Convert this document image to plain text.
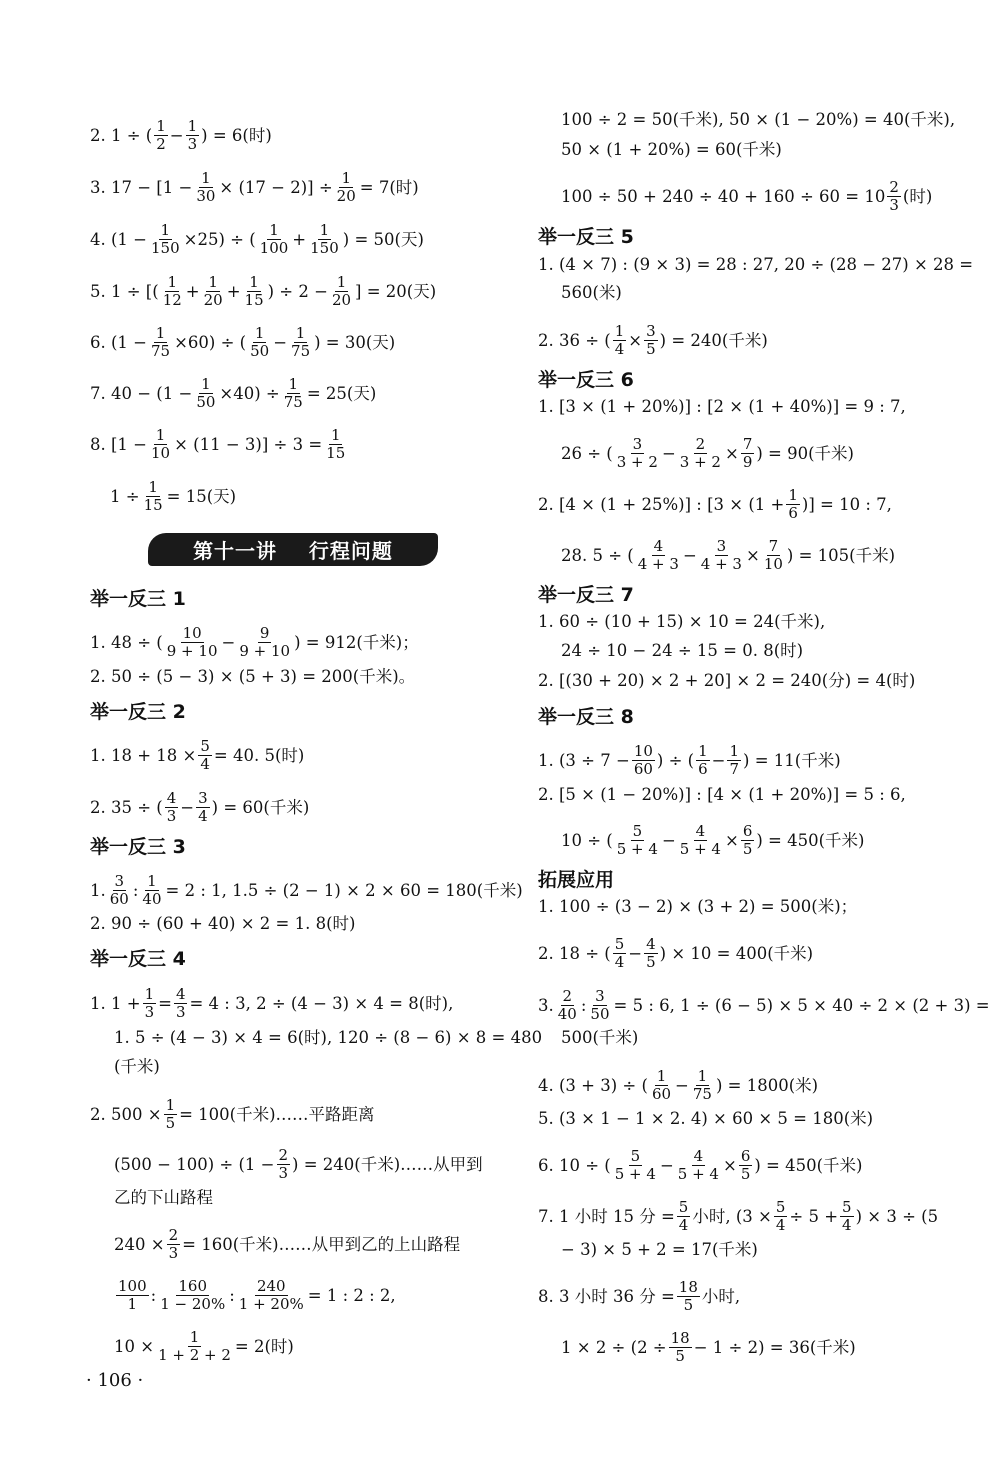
2. 1 ÷ ( $\frac{1}{2} - \frac{1}{3}$ ) = 6(时)
3. $17 - [1 - \frac{1}{30} \times (17 - 2)] \div \frac{1}{20} = 7$(时)
4. $(1 - \frac{1}{150} \times 25)$ ÷ ( $\frac{1}{100} + \frac{1}{150}$ ) = 50(天)
5. 1 ÷ [( $\frac{1}{12} + \frac{1}{20} + \frac{1}{15}$ ) ÷ $2 - \frac{1}{20}$ ] = 20(天)
6. $(1 - \frac{1}{75} \times 60)$ ÷ ( $\frac{1}{50} - \frac{1}{75}$ ) = 30(天)
7. $40 - (1 - \frac{1}{50} \times 40) \div \frac{1}{75} = 25$(天)
8. $[1 - \frac{1}{10} \times (11 - 3)] \div 3 = \frac{1}{15}$
$1 \div \frac{1}{15} = 15$(天)
第十一讲    行程问题
举一反三 1
1. 48 ÷ ( $\frac{10}{9 + 10} - \frac{9}{9 + 10}$ ) = 912(千米)；
2. 50 ÷ (5 − 3) × (5 + 3) = 200(千米)。
举一反三 2
1. $18 + 18 \times \frac{5}{4} = 40$. 5(时)
2. 35 ÷ ( $\frac{4}{3} - \frac{3}{4}$ ) = 60(千米)
举一反三 3
1. $\frac{3}{60}$ : $\frac{1}{40} = 2$ : 1, 1.5 ÷ (2 − 1) × 2 × 60 = 180(千米)
2. 90 ÷ (60 + 40) × 2 = 1. 8(时)
举一反三 4
1. $1 + \frac{1}{3} = \frac{4}{3} = 4$ : 3, 2 ÷ (4 − 3) × 4 = 8(时),
1. 5 ÷ (4 − 3) × 4 = 6(时), 120 ÷ (8 − 6) × 8 = 480
(千米)
2. $500 \times \frac{1}{5} = 100$(千米)……平路距离
$(500 - 100) \div (1 - \frac{2}{3}$ ) = 240(千米)……从甲到
乙的下山路程
$240 \times \frac{2}{3} = 160$(千米)……从甲到乙的上山路程
$\frac{100}{1}$ : $\frac{160}{1 - 20\%}$ : $\frac{240}{1 + 20\%} = 1$ : 2 : 2,
$10 \times \frac{1}{1 + 2 + 2} = 2$(时)
· 106 ·
100 ÷ 2 = 50(千米), 50 × (1 − 20%) = 40(千米),
50 × (1 + 20%) = 60(千米)
$100 \div 50 + 240 \div 40 + 160 \div 60 = 10 \frac{2}{3}$ (时)
举一反三 5
1. (4 × 7) : (9 × 3) = 28 : 27, 20 ÷ (28 − 27) × 28 =
560(米)
2. 36 ÷ ( $\frac{1}{4} \times \frac{3}{5}$ ) = 240(千米)
举一反三 6
1. [3 × (1 + 20%)] : [2 × (1 + 40%)] = 9 : 7,
26 ÷ ( $\frac{3}{3 + 2} - \frac{2}{3 + 2} \times \frac{7}{9}$ ) = 90(千米)
2. [4 × (1 + 25%)] : [$3 \times (1 + \frac{1}{6}$ )] = 10 : 7,
28. 5 ÷ ( $\frac{4}{4 + 3} - \frac{3}{4 + 3} \times \frac{7}{10}$ ) = 105(千米)
举一反三 7
1. 60 ÷ (10 + 15) × 10 = 24(千米),
24 ÷ 10 − 24 ÷ 15 = 0. 8(时)
2. [(30 + 20) × 2 + 20] × 2 = 240(分) = 4(时)
举一反三 8
1. ($3 \div 7 - \frac{10}{60}$ ) ÷ ( $\frac{1}{6} - \frac{1}{7}$ ) = 11(千米)
2. [5 × (1 − 20%)] : [4 × (1 + 20%)] = 5 : 6,
10 ÷ ( $\frac{5}{5 + 4} - \frac{4}{5 + 4} \times \frac{6}{5}$ ) = 450(千米)
拓展应用
1. 100 ÷ (3 − 2) × (3 + 2) = 500(米)；
2. 18 ÷ ( $\frac{5}{4} - \frac{4}{5}$ ) × 10 = 400(千米)
3. $\frac{2}{40}$ : $\frac{3}{50} = 5$ : 6, 1 ÷ (6 − 5) × 5 × 40 ÷ 2 × (2 + 3) =
500(千米)
4. (3 + 3) ÷ ( $\frac{1}{60} - \frac{1}{75}$ ) = 1800(米)
5. (3 × 1 − 1 × 2. 4) × 60 × 5 = 180(米)
6. 10 ÷ ( $\frac{5}{5 + 4} - \frac{4}{5 + 4} \times \frac{6}{5}$ ) = 450(千米)
7. 1 小时 15 分 = $\frac{5}{4}$ 小时, ($3 \times \frac{5}{4} \div 5 + \frac{5}{4}$ ) × 3 ÷ (5
− 3) × 5 + 2 = 17(千米)
8. 3 小时 36 分 = $\frac{18}{5}$ 小时,
$1 \times 2 \div (2 \div \frac{18}{5} - 1 \div 2) = 36$(千米)
